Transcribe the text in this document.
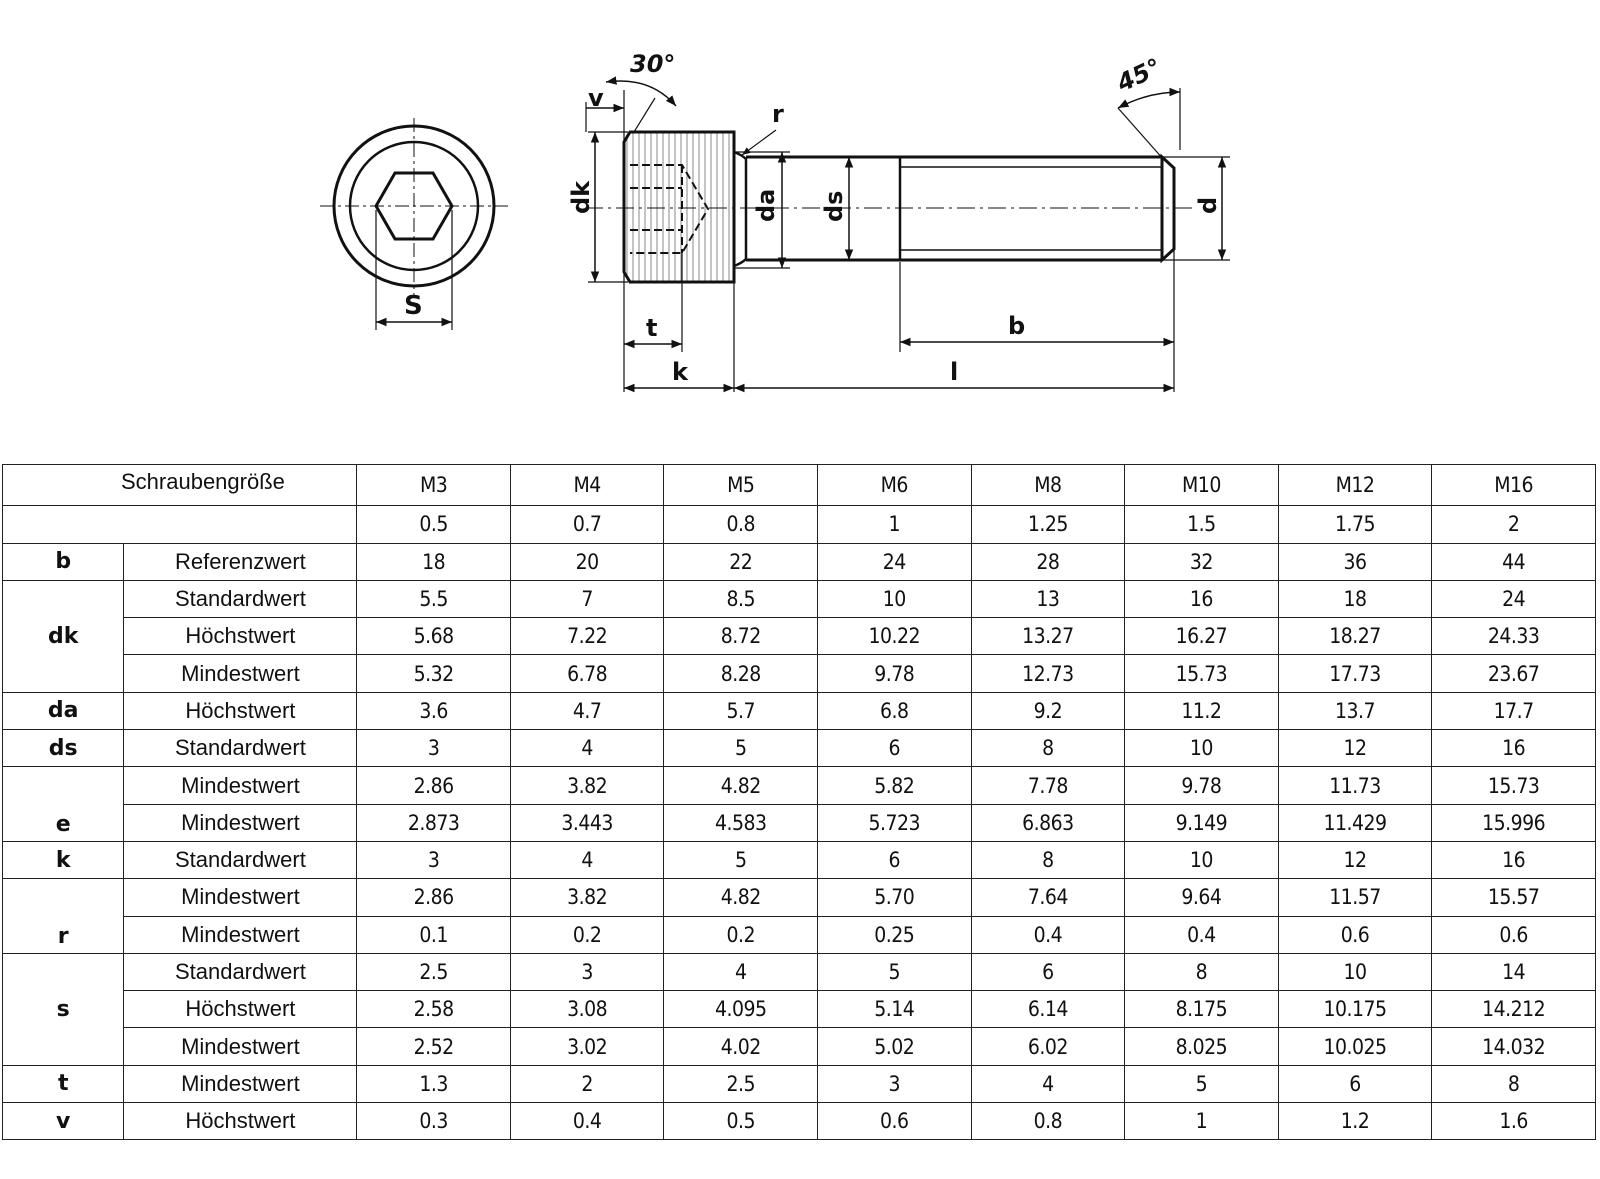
30°	45°
v
r
dk	da ds	d
S
t
k
b
l
Schraubengröße		M3	M4	M5	M6	M8	M10	M12	M16
		0.5	0.7	0.8	1	1.25	1.5	1.75	2
b	Referenzwert	18	20	22	24	28	32	36	44
dk	Standardwert	5.5	7	8.5	10	13	16	18	24
	Höchstwert	5.68	7.22	8.72	10.22	13.27	16.27	18.27	24.33
	Mindestwert	5.32	6.78	8.28	9.78	12.73	15.73	17.73	23.67
da	Höchstwert	3.6	4.7	5.7	6.8	9.2	11.2	13.7	17.7
ds	Standardwert	3	4	5	6	8	10	12	16
e	Mindestwert	2.86	3.82	4.82	5.82	7.78	9.78	11.73	15.73
	Mindestwert	2.873	3.443	4.583	5.723	6.863	9.149	11.429	15.996
k	Standardwert	3	4	5	6	8	10	12	16
r	Mindestwert	2.86	3.82	4.82	5.70	7.64	9.64	11.57	15.57
	Mindestwert	0.1	0.2	0.2	0.25	0.4	0.4	0.6	0.6
s	Standardwert	2.5	3	4	5	6	8	10	14
	Höchstwert	2.58	3.08	4.095	5.14	6.14	8.175	10.175	14.212
	Mindestwert	2.52	3.02	4.02	5.02	6.02	8.025	10.025	14.032
t	Mindestwert	1.3	2	2.5	3	4	5	6	8
v	Höchstwert	0.3	0.4	0.5	0.6	0.8	1	1.2	1.6
